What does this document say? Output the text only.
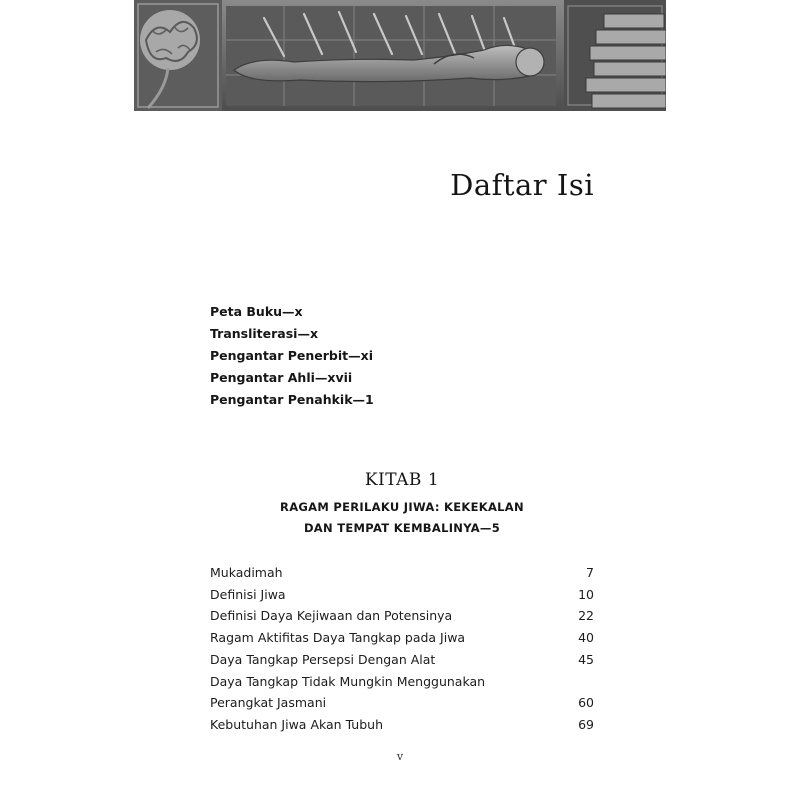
Daftar Isi
Peta Buku—x
Transliterasi—x
Pengantar Penerbit—xi
Pengantar Ahli—xvii
Pengantar Penahkik—1
KITAB 1
RAGAM PERILAKU JIWA: KEKEKALAN
DAN TEMPAT KEMBALINYA—5
Mukadimah	7
Definisi Jiwa	10
Definisi Daya Kejiwaan dan Potensinya	22
Ragam Aktifitas Daya Tangkap pada Jiwa	40
Daya Tangkap Persepsi Dengan Alat	45
Daya Tangkap Tidak Mungkin Menggunakan
Perangkat Jasmani	60
Kebutuhan Jiwa Akan Tubuh	69
v
